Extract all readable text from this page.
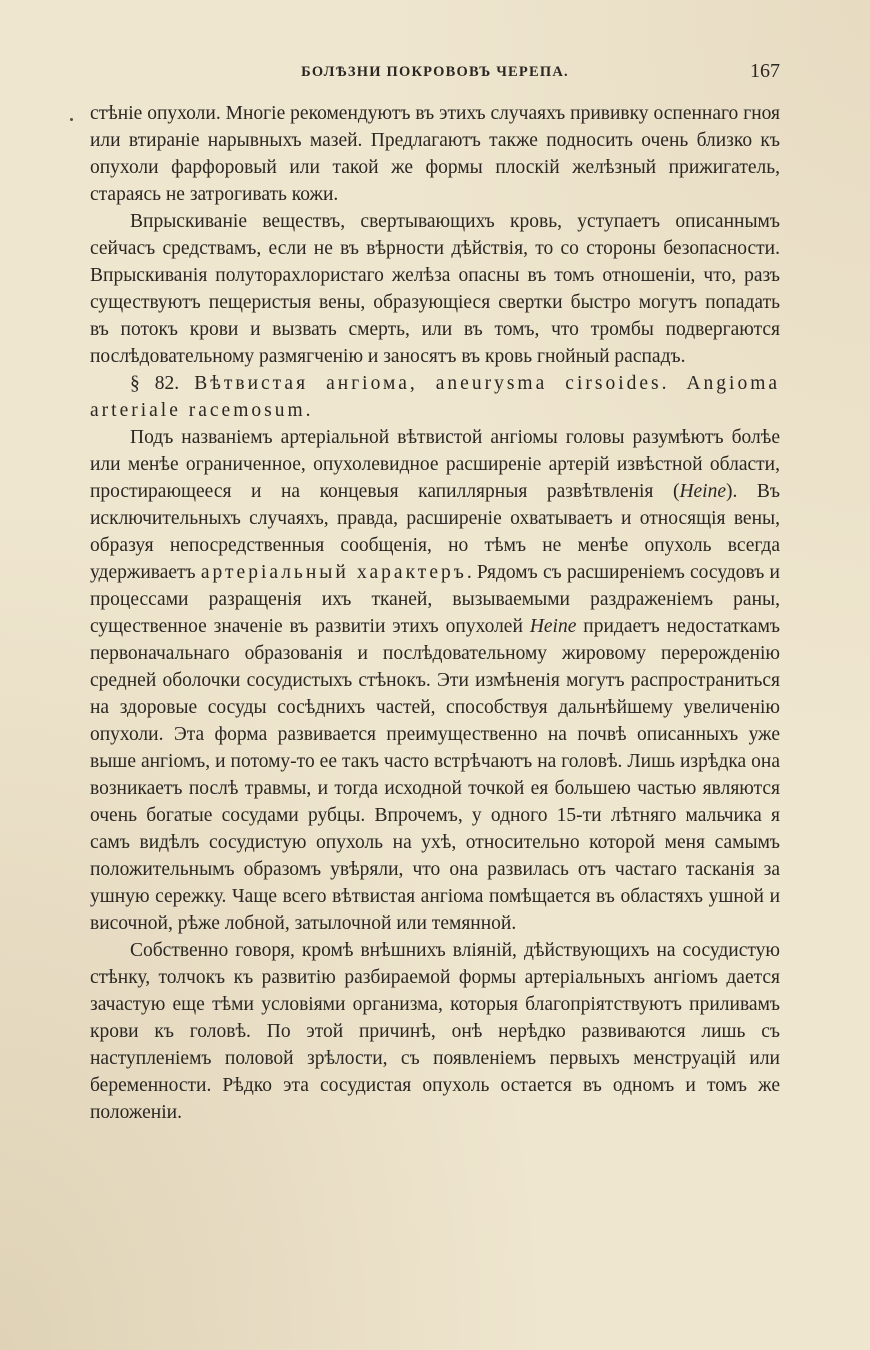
БОЛѢЗНИ ПОКРОВОВЪ ЧЕРЕПА.	167

стѣніе опухоли. Многіе рекомендуютъ въ этихъ случаяхъ прививку оспеннаго гноя или втираніе нарывныхъ мазей. Предлагаютъ также подносить очень близко къ опухоли фарфоровый или такой же формы плоскій желѣзный прижигатель, стараясь не затрогивать кожи.

Впрыскиваніе веществъ, свертывающихъ кровь, уступаетъ описаннымъ сейчасъ средствамъ, если не въ вѣрности дѣйствія, то со стороны безопасности. Впрыскиванія полуторахлористаго желѣза опасны въ томъ отношеніи, что, разъ существуютъ пещеристыя вены, образующіеся свертки быстро могутъ попадать въ потокъ крови и вызвать смерть, или въ томъ, что тромбы подвергаются послѣдовательному размягченію и заносятъ въ кровь гнойный распадъ.

§ 82. Вѣтвистая ангіома, aneurysma cirsoides. Angioma arteriale racemosum.

Подъ названіемъ артеріальной вѣтвистой ангіомы головы разумѣютъ болѣе или менѣе ограниченное, опухолевидное расширеніе артерій извѣстной области, простирающееся и на концевыя капиллярныя развѣтвленія (Heine). Въ исключительныхъ случаяхъ, правда, расширеніе охватываетъ и относящія вены, образуя непосредственныя сообщенія, но тѣмъ не менѣе опухоль всегда удерживаетъ артеріальный характеръ. Рядомъ съ расширеніемъ сосудовъ и процессами разращенія ихъ тканей, вызываемыми раздраженіемъ раны, существенное значеніе въ развитіи этихъ опухолей Heine придаетъ недостаткамъ первоначальнаго образованія и послѣдовательному жировому перерожденію средней оболочки сосудистыхъ стѣнокъ. Эти измѣненія могутъ распространиться на здоровые сосуды сосѣднихъ частей, способствуя дальнѣйшему увеличенію опухоли. Эта форма развивается преимущественно на почвѣ описанныхъ уже выше ангіомъ, и потому-то ее такъ часто встрѣчаютъ на головѣ. Лишь изрѣдка она возникаетъ послѣ травмы, и тогда исходной точкой ея большею частью являются очень богатые сосудами рубцы. Впрочемъ, у одного 15-ти лѣтняго мальчика я самъ видѣлъ сосудистую опухоль на ухѣ, относительно которой меня самымъ положительнымъ образомъ увѣряли, что она развилась отъ частаго тасканія за ушную сережку. Чаще всего вѣтвистая ангіома помѣщается въ областяхъ ушной и височной, рѣже лобной, затылочной или темянной.

Собственно говоря, кромѣ внѣшнихъ вліяній, дѣйствующихъ на сосудистую стѣнку, толчокъ къ развитію разбираемой формы артеріальныхъ ангіомъ дается зачастую еще тѣми условіями организма, которыя благопріятствуютъ приливамъ крови къ головѣ. По этой причинѣ, онѣ нерѣдко развиваются лишь съ наступленіемъ половой зрѣлости, съ появленіемъ первыхъ менструацій или беременности. Рѣдко эта сосудистая опухоль остается въ одномъ и томъ же положеніи.
